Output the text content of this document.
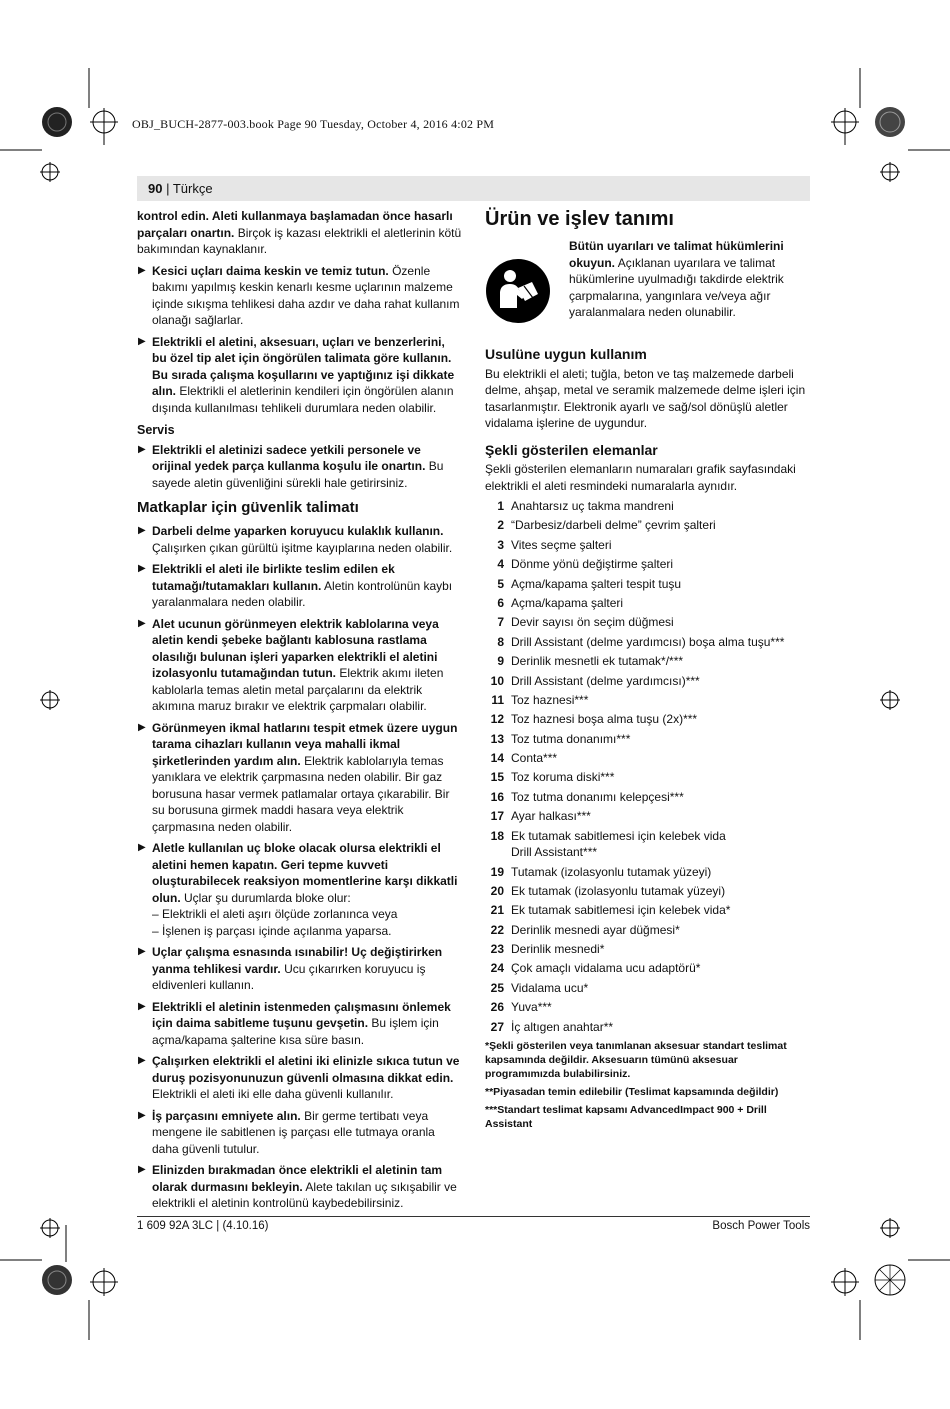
OBJ_BUCH-2877-003.book Page 90 Tuesday, October 4, 2016 4:02 PM
90 | Türkçe

kontrol edin. Aleti kullanmaya başlamadan önce hasarlı parçaları onartın. Birçok iş kazası elektrikli el aletlerinin kötü bakımından kaynaklanır.

▶ Kesici uçları daima keskin ve temiz tutun. Özenle bakımı yapılmış keskin kenarlı kesme uçlarının malzeme içinde sıkışma tehlikesi daha azdır ve daha rahat kullanım olanağı sağlarlar.
▶ Elektrikli el aletini, aksesuarı, uçları ve benzerlerini, bu özel tip alet için öngörülen talimata göre kullanın. Bu sırada çalışma koşullarını ve yaptığınız işi dikkate alın. Elektrikli el aletlerinin kendileri için öngörülen alanın dışında kullanılması tehlikeli durumlara neden olabilir.
Servis
▶ Elektrikli el aletinizi sadece yetkili personele ve orijinal yedek parça kullanma koşulu ile onartın. Bu sayede aletin güvenliğini sürekli hale getirirsiniz.
Matkaplar için güvenlik talimatı
▶ Darbeli delme yaparken koruyucu kulaklık kullanın. Çalışırken çıkan gürültü işitme kayıplarına neden olabilir.
▶ Elektrikli el aleti ile birlikte teslim edilen ek tutamağı/tutamakları kullanın. Aletin kontrolünün kaybı yaralanmalara neden olabilir.
▶ Alet ucunun görünmeyen elektrik kablolarına veya aletin kendi şebeke bağlantı kablosuna rastlama olasılığı bulunan işleri yaparken elektrikli el aletini izolasyonlu tutamağından tutun. Elektrik akımı ileten kablolarla temas aletin metal parçalarını da elektrik akımına maruz bırakır ve elektrik çarpmaları olabilir.
▶ Görünmeyen ikmal hatlarını tespit etmek üzere uygun tarama cihazları kullanın veya mahalli ikmal şirketlerinden yardım alın. Elektrik kablolarıyla temas yanıklara ve elektrik çarpmasına neden olabilir. Bir gaz borusuna hasar vermek patlamalar ortaya çıkarabilir. Bir su borusuna girmek maddi hasara veya elektrik çarpmasına neden olabilir.
▶ Aletle kullanılan uç bloke olacak olursa elektrikli el aletini hemen kapatın. Geri tepme kuvveti oluşturabilecek reaksiyon momentlerine karşı dikkatli olun. Uçlar şu durumlarda bloke olur:
– Elektrikli el aleti aşırı ölçüde zorlanınca veya
– İşlenen iş parçası içinde açılanma yaparsa.
▶ Uçlar çalışma esnasında ısınabilir! Uç değiştirirken yanma tehlikesi vardır. Ucu çıkarırken koruyucu iş eldivenleri kullanın.
▶ Elektrikli el aletinin istenmeden çalışmasını önlemek için daima sabitleme tuşunu gevşetin. Bu işlem için açma/kapama şalterine kısa süre basın.
▶ Çalışırken elektrikli el aletini iki elinizle sıkıca tutun ve duruş pozisyonunuzun güvenli olmasına dikkat edin. Elektrikli el aleti iki elle daha güvenli kullanılır.
▶ İş parçasını emniyete alın. Bir germe tertibatı veya mengene ile sabitlenen iş parçası elle tutmaya oranla daha güvenli tutulur.
▶ Elinizden bırakmadan önce elektrikli el aletinin tam olarak durmasını bekleyin. Alete takılan uç sıkışabilir ve elektrikli el aletinin kontrolünü kaybedebilirsiniz.
Ürün ve işlev tanımı
Bütün uyarıları ve talimat hükümlerini okuyun. Açıklanan uyarılara ve talimat hükümlerine uyulmadığı takdirde elektrik çarpmalarına, yangınlara ve/veya ağır yaralanmalara neden olunabilir.
Usulüne uygun kullanım

Bu elektrikli el aleti; tuğla, beton ve taş malzemede darbeli delme, ahşap, metal ve seramik malzemede delme işleri için tasarlanmıştır. Elektronik ayarlı ve sağ/sol dönüşlü aletler vidalama işlerine de uygundur.

Şekli gösterilen elemanlar

Şekli gösterilen elemanların numaraları grafik sayfasındaki elektrikli el aleti resmindeki numaralarla aynıdır.

1 Anahtarsız uç takma mandreni
2 “Darbesiz/darbeli delme” çevrim şalteri
3 Vites seçme şalteri
4 Dönme yönü değiştirme şalteri
5 Açma/kapama şalteri tespit tuşu
6 Açma/kapama şalteri
7 Devir sayısı ön seçim düğmesi
8 Drill Assistant (delme yardımcısı) boşa alma tuşu***
9 Derinlik mesnetli ek tutamak*/***
10 Drill Assistant (delme yardımcısı)***
11 Toz haznesi***
12 Toz haznesi boşa alma tuşu (2x)***
13 Toz tutma donanımı***
14 Conta***
15 Toz koruma diski***
16 Toz tutma donanımı kelepçesi***
17 Ayar halkası***
18 Ek tutamak sabitlemesi için kelebek vida
Drill Assistant***
19 Tutamak (izolasyonlu tutamak yüzeyi)
20 Ek tutamak (izolasyonlu tutamak yüzeyi)
21 Ek tutamak sabitlemesi için kelebek vida*
22 Derinlik mesnedi ayar düğmesi*
23 Derinlik mesnedi*
24 Çok amaçlı vidalama ucu adaptörü*
25 Vidalama ucu*
26 Yuva***
27 İç altıgen anahtar**
*Şekli gösterilen veya tanımlanan aksesuar standart teslimat kapsamında değildir. Aksesuarın tümünü aksesuar programımızda bulabilirsiniz.
**Piyasadan temin edilebilir (Teslimat kapsamında değildir)
***Standart teslimat kapsamı AdvancedImpact 900 + Drill Assistant
1 609 92A 3LC | (4.10.16)	Bosch Power Tools
